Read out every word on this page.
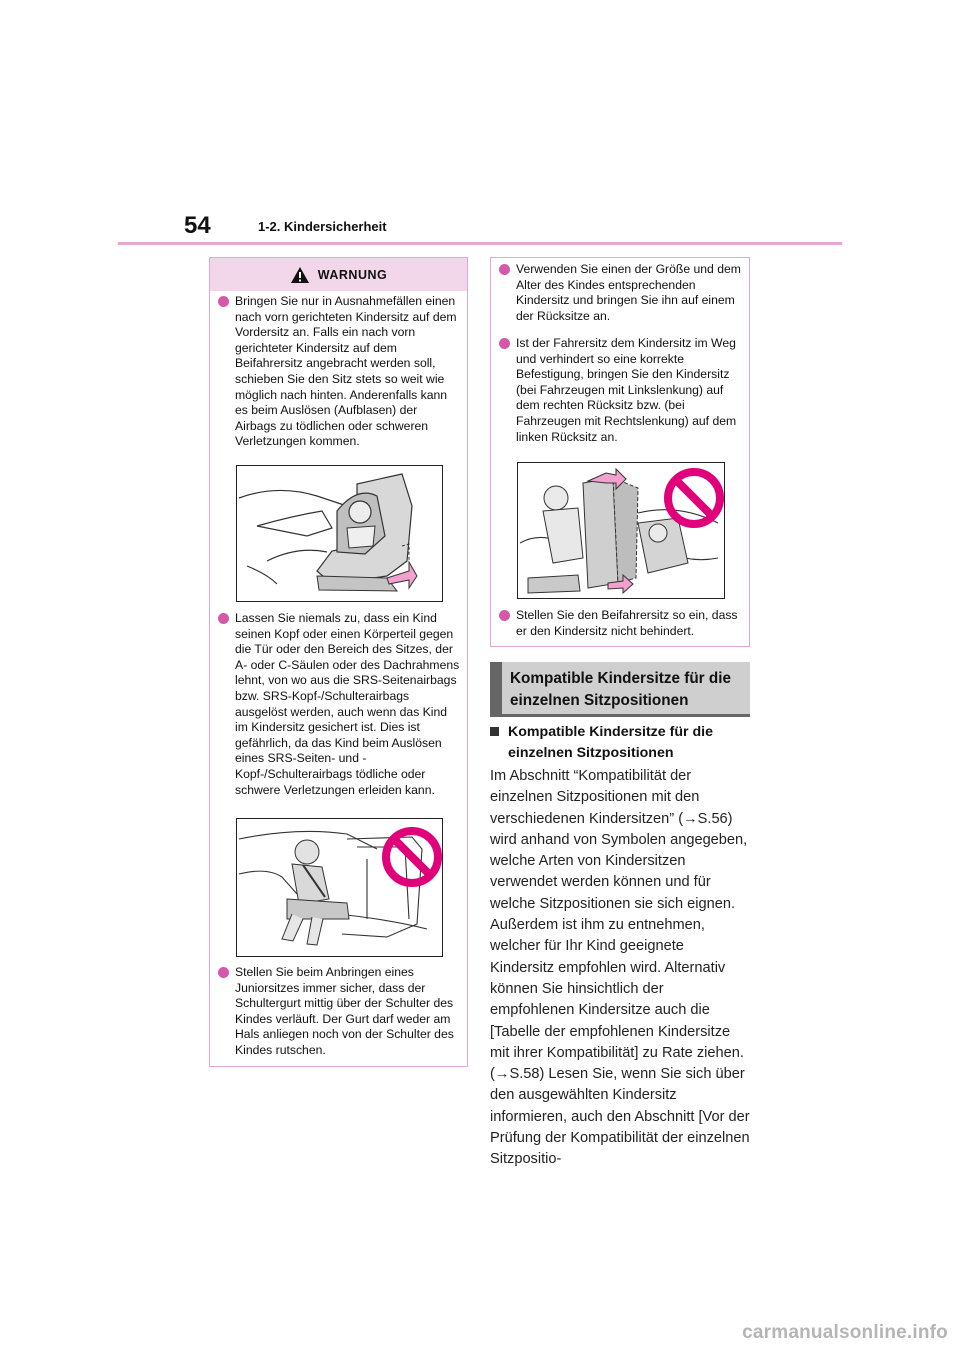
54	1-2. Kindersicherheit
WARNUNG
Bringen Sie nur in Ausnahmefällen einen nach vorn gerichteten Kindersitz auf dem Vordersitz an. Falls ein nach vorn gerichteter Kindersitz auf dem Beifahrersitz angebracht werden soll, schieben Sie den Sitz stets so weit wie möglich nach hinten. Anderenfalls kann es beim Auslösen (Aufblasen) der Airbags zu tödlichen oder schweren Verletzungen kommen.
Lassen Sie niemals zu, dass ein Kind seinen Kopf oder einen Körperteil gegen die Tür oder den Bereich des Sitzes, der A- oder C-Säulen oder des Dachrahmens lehnt, von wo aus die SRS-Seitenairbags bzw. SRS-Kopf-/Schulterairbags ausgelöst werden, auch wenn das Kind im Kindersitz gesichert ist. Dies ist gefährlich, da das Kind beim Auslösen eines SRS-Seiten- und -Kopf-/Schulterairbags tödliche oder schwere Verletzungen erleiden kann.
Stellen Sie beim Anbringen eines Juniorsitzes immer sicher, dass der Schultergurt mittig über der Schulter des Kindes verläuft. Der Gurt darf weder am Hals anliegen noch von der Schulter des Kindes rutschen.
Verwenden Sie einen der Größe und dem Alter des Kindes entsprechenden Kindersitz und bringen Sie ihn auf einem der Rücksitze an.
Ist der Fahrersitz dem Kindersitz im Weg und verhindert so eine korrekte Befestigung, bringen Sie den Kindersitz (bei Fahrzeugen mit Linkslenkung) auf dem rechten Rücksitz bzw. (bei Fahrzeugen mit Rechtslenkung) auf dem linken Rücksitz an.
Stellen Sie den Beifahrersitz so ein, dass er den Kindersitz nicht behindert.
Kompatible Kindersitze für die einzelnen Sitzpositionen
Kompatible Kindersitze für die einzelnen Sitzpositionen
Im Abschnitt “Kompatibilität der einzelnen Sitzpositionen mit den verschiedenen Kindersitzen” (→S.56) wird anhand von Symbolen angegeben, welche Arten von Kindersitzen verwendet werden können und für welche Sitzpositionen sie sich eignen. Außerdem ist ihm zu entnehmen, welcher für Ihr Kind geeignete Kindersitz empfohlen wird. Alternativ können Sie hinsichtlich der empfohlenen Kindersitze auch die [Tabelle der empfohlenen Kindersitze mit ihrer Kompatibilität] zu Rate ziehen. (→S.58) Lesen Sie, wenn Sie sich über den ausgewählten Kindersitz informieren, auch den Abschnitt [Vor der Prüfung der Kompatibilität der einzelnen Sitzpositio-
carmanualsonline.info
